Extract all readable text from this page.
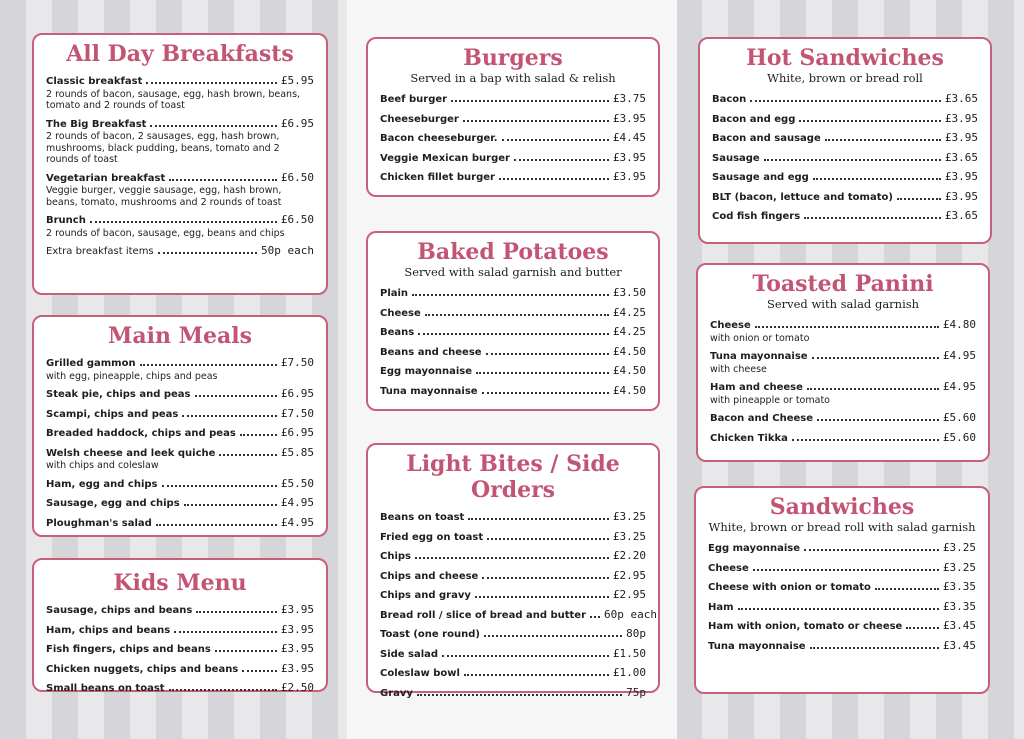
All Day Breakfasts
Classic breakfast	£5.95
2 rounds of bacon, sausage, egg, hash brown, beans, tomato and 2 rounds of toast
The Big Breakfast	£6.95
2 rounds of bacon, 2 sausages, egg, hash brown, mushrooms, black pudding, beans, tomato and 2 rounds of toast
Vegetarian breakfast	£6.50
Veggie burger, veggie sausage, egg, hash brown, beans, tomato, mushrooms and 2 rounds of toast
Brunch	£6.50
2 rounds of bacon, sausage, egg, beans and chips
Extra breakfast items	50p each
Main Meals
Grilled gammon	£7.50
with egg, pineapple, chips and peas
Steak pie, chips and peas	£6.95
Scampi, chips and peas	£7.50
Breaded haddock, chips and peas	£6.95
Welsh cheese and leek quiche	£5.85
with chips and coleslaw
Ham, egg and chips	£5.50
Sausage, egg and chips	£4.95
Ploughman's salad	£4.95
Kids Menu
Sausage, chips and beans	£3.95
Ham, chips and beans	£3.95
Fish fingers, chips and beans	£3.95
Chicken nuggets, chips and beans	£3.95
Small beans on toast	£2.50
Burgers

Served in a bap with salad & relish

Beef burger	£3.75
Cheeseburger	£3.95
Bacon cheeseburger.	£4.45
Veggie Mexican burger	£3.95
Chicken fillet burger	£3.95
Baked Potatoes

Served with salad garnish and butter

Plain	£3.50
Cheese	£4.25
Beans	£4.25
Beans and cheese	£4.50
Egg mayonnaise	£4.50
Tuna mayonnaise	£4.50
Light Bites / Side Orders
Beans on toast	£3.25
Fried egg on toast	£3.25
Chips	£2.20
Chips and cheese	£2.95
Chips and gravy	£2.95
Bread roll / slice of bread and butter 60p each
Toast (one round)	80p
Side salad	£1.50
Coleslaw bowl	£1.00
Gravy	75p
Hot Sandwiches

White, brown or bread roll

Bacon	£3.65
Bacon and egg	£3.95
Bacon and sausage	£3.95
Sausage	£3.65
Sausage and egg	£3.95
BLT (bacon, lettuce and tomato)	£3.95
Cod fish fingers	£3.65
Toasted Panini

Served with salad garnish

Cheese	£4.80
with onion or tomato
Tuna mayonnaise	£4.95
with cheese
Ham and cheese	£4.95
with pineapple or tomato
Bacon and Cheese	£5.60
Chicken Tikka	£5.60
Sandwiches

White, brown or bread roll with salad garnish

Egg mayonnaise	£3.25
Cheese	£3.25
Cheese with onion or tomato	£3.35
Ham	£3.35
Ham with onion, tomato or cheese	£3.45
Tuna mayonnaise	£3.45
